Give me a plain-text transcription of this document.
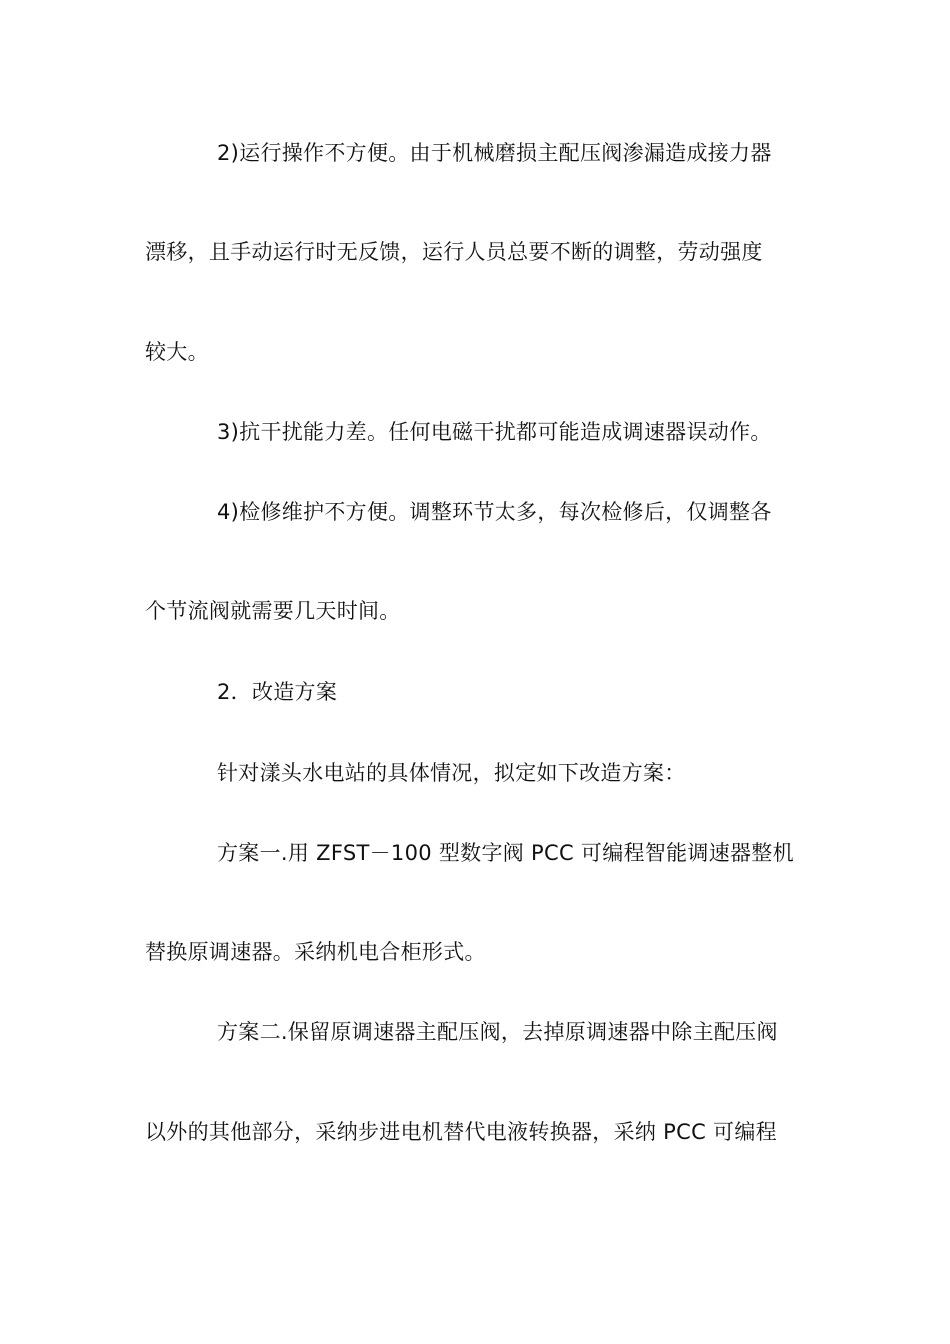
2)运行操作不方便。由于机械磨损主配压阀渗漏造成接力器
漂移，且手动运行时无反馈，运行人员总要不断的调整，劳动强度
较大。
3)抗干扰能力差。任何电磁干扰都可能造成调速器误动作。
4)检修维护不方便。调整环节太多，每次检修后，仅调整各
个节流阀就需要几天时间。
2．改造方案
针对漾头水电站的具体情况，拟定如下改造方案：
方案一.用 ZFST－100 型数字阀 PCC 可编程智能调速器整机
替换原调速器。采纳机电合柜形式。
方案二.保留原调速器主配压阀，去掉原调速器中除主配压阀
以外的其他部分，采纳步进电机替代电液转换器，采纳 PCC 可编程
